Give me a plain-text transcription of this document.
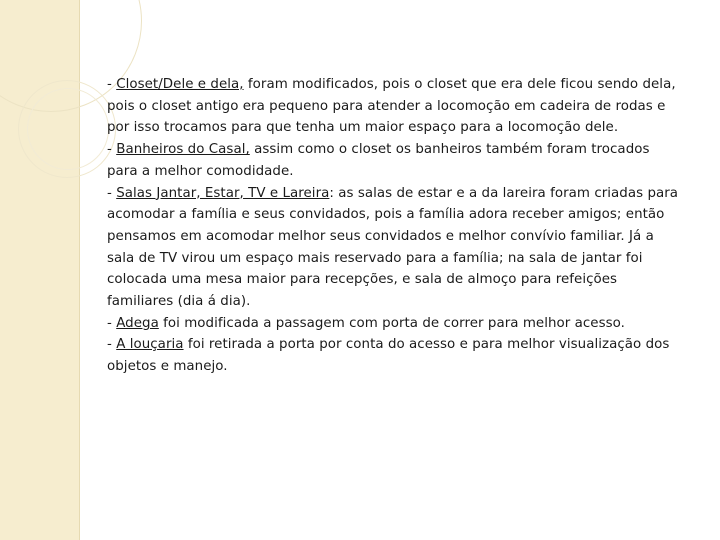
- Closet/Dele e dela, foram modificados, pois o closet que era dele ficou sendo dela, pois o closet antigo era pequeno para atender a locomoção em cadeira de rodas e por isso trocamos para que tenha um maior espaço para a locomoção dele.

- Banheiros do Casal, assim como o closet os banheiros também foram trocados para a melhor comodidade.

- Salas Jantar, Estar, TV e Lareira: as salas de estar e a da lareira foram criadas para acomodar a família e seus convidados, pois a família adora receber amigos; então pensamos em acomodar melhor seus convidados e melhor convívio familiar. Já a sala de TV virou um espaço mais reservado para a família; na sala de jantar foi colocada uma mesa maior para recepções, e sala de almoço para refeições familiares (dia á dia).

- Adega foi modificada a passagem com porta de correr para melhor acesso.

- A louçaria foi retirada a porta por conta do acesso e para melhor visualização dos objetos e manejo.
